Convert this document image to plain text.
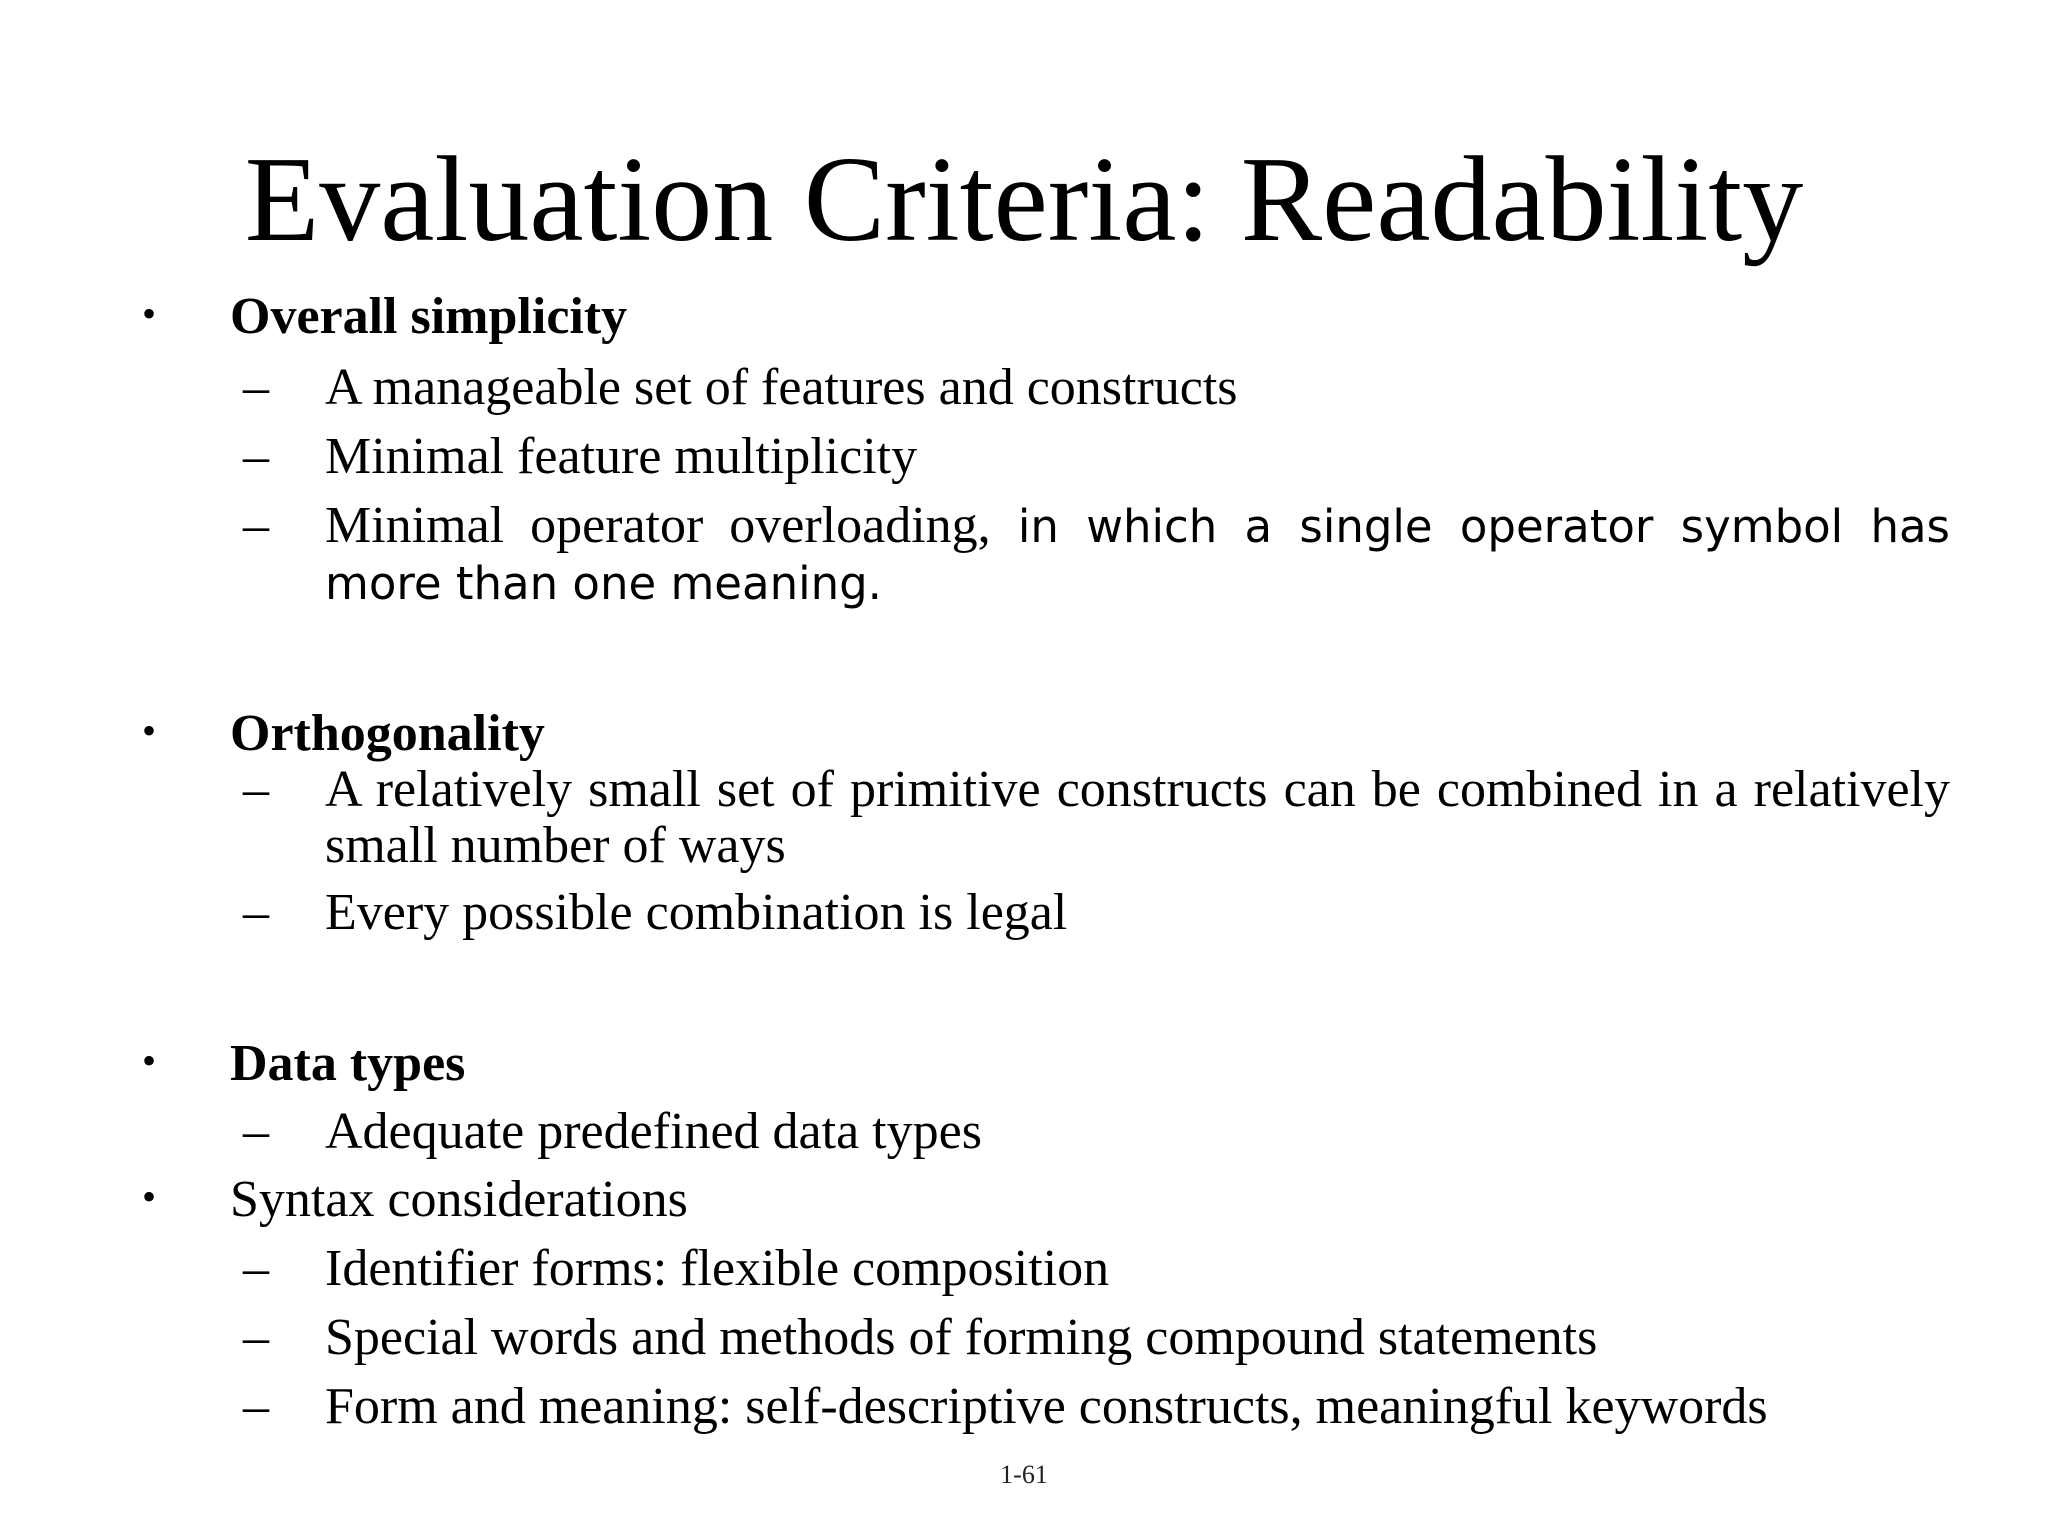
Evaluation Criteria: Readability
• Overall simplicity
– A manageable set of features and constructs
– Minimal feature multiplicity
– Minimal operator overloading, in which a single operator symbol has more than one meaning.
• Orthogonality
– A relatively small set of primitive constructs can be combined in a relatively small number of ways
– Every possible combination is legal
• Data types
– Adequate predefined data types
• Syntax considerations
– Identifier forms: flexible composition
– Special words and methods of forming compound statements
– Form and meaning: self-descriptive constructs, meaningful keywords
1-61
